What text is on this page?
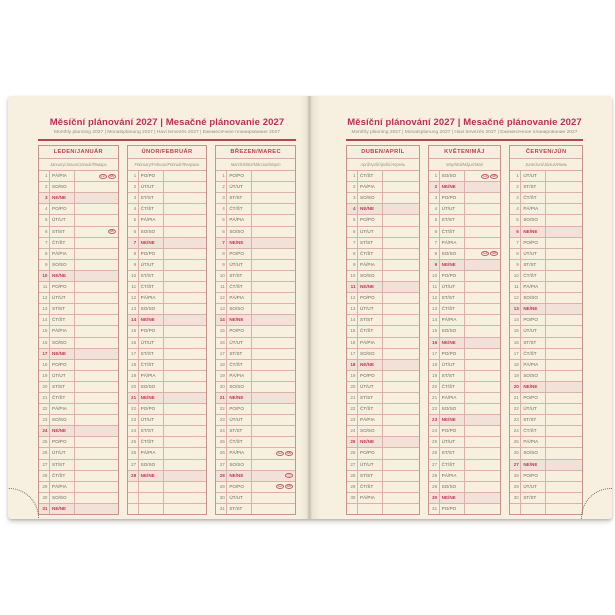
Měsíční plánování 2027 | Mesačné plánovanie 2027
Monthly planning 2027 | Monatsplanung 2027 | Havi tervezés 2027 | Ежемесячное планирование 2027
LEDEN/JANUÁR
January/Januar/Január/Январь
1 PÁ/PIA	CZ	SK
2 SO/SO
3 NE/NE
4 PO/PO
5 ÚT/UT
6 ST/ST	SK
7 ČT/ŠT
8 PÁ/PIA
9 SO/SO
10 NE/NE
11 PO/PO
12 ÚT/UT
13 ST/ST
14 ČT/ŠT
15 PÁ/PIA
16 SO/SO
17 NE/NE
18 PO/PO
19 ÚT/UT
20 ST/ST
21 ČT/ŠT
22 PÁ/PIA
23 SO/SO
24 NE/NE
25 PO/PO
26 ÚT/UT
27 ST/ST
28 ČT/ŠT
29 PÁ/PIA
30 SO/SO
31 NE/NE
ÚNOR/FEBRUÁR
February/Februar/Február/Февраль
1 PO/PO
2 ÚT/UT
3 ST/ST
4 ČT/ŠT
5 PÁ/PIA
6 SO/SO
7 NE/NE
8 PO/PO
9 ÚT/UT
10 ST/ST
11 ČT/ŠT
12 PÁ/PIA
13 SO/SO
14 NE/NE
15 PO/PO
16 ÚT/UT
17 ST/ST
18 ČT/ŠT
19 PÁ/PIA
20 SO/SO
21 NE/NE
22 PO/PO
23 ÚT/UT
24 ST/ST
25 ČT/ŠT
26 PÁ/PIA
27 SO/SO
28 NE/NE
BŘEZEN/MAREC
March/März/Március/Март
1 PO/PO
2 ÚT/UT
3 ST/ST
4 ČT/ŠT
5 PÁ/PIA
6 SO/SO
7 NE/NE
8 PO/PO
9 ÚT/UT
10 ST/ST
11 ČT/ŠT
12 PÁ/PIA
13 SO/SO
14 NE/NE
15 PO/PO
16 ÚT/UT
17 ST/ST
18 ČT/ŠT
19 PÁ/PIA
20 SO/SO
21 NE/NE
22 PO/PO
23 ÚT/UT
24 ST/ST
25 ČT/ŠT
26 PÁ/PIA	CZ	SK
27 SO/SO
28 NE/NE	◷
29 PO/PO	CZ	SK
30 ÚT/UT
31 ST/ST
Měsíční plánování 2027 | Mesačné plánovanie 2027
Monthly planning 2027 | Monatsplanung 2027 | Havi tervezés 2027 | Ежемесячное планирование 2027
DUBEN/APRÍL
April/April/Április/Апрель
1 ČT/ŠT
2 PÁ/PIA
3 SO/SO
4 NE/NE
5 PO/PO
6 ÚT/UT
7 ST/ST
8 ČT/ŠT
9 PÁ/PIA
10 SO/SO
11 NE/NE
12 PO/PO
13 ÚT/UT
14 ST/ST
15 ČT/ŠT
16 PÁ/PIA
17 SO/SO
18 NE/NE
19 PO/PO
20 ÚT/UT
21 ST/ST
22 ČT/ŠT
23 PÁ/PIA
24 SO/SO
25 NE/NE
26 PO/PO
27 ÚT/UT
28 ST/ST
29 ČT/ŠT
30 PÁ/PIA
KVĚTEN/MÁJ
May/Mai/Május/Май
1 SO/SO	CZ	SK
2 NE/NE
3 PO/PO
4 ÚT/UT
5 ST/ST
6 ČT/ŠT
7 PÁ/PIA
8 SO/SO	CZ	SK
9 NE/NE
10 PO/PO
11 ÚT/UT
12 ST/ST
13 ČT/ŠT
14 PÁ/PIA
15 SO/SO
16 NE/NE
17 PO/PO
18 ÚT/UT
19 ST/ST
20 ČT/ŠT
21 PÁ/PIA
22 SO/SO
23 NE/NE
24 PO/PO
25 ÚT/UT
26 ST/ST
27 ČT/ŠT
28 PÁ/PIA
29 SO/SO
30 NE/NE
31 PO/PO
ČERVEN/JÚN
June/Juni/Június/Июнь
1 ÚT/UT
2 ST/ST
3 ČT/ŠT
4 PÁ/PIA
5 SO/SO
6 NE/NE
7 PO/PO
8 ÚT/UT
9 ST/ST
10 ČT/ŠT
11 PÁ/PIA
12 SO/SO
13 NE/NE
14 PO/PO
15 ÚT/UT
16 ST/ST
17 ČT/ŠT
18 PÁ/PIA
19 SO/SO
20 NE/NE
21 PO/PO
22 ÚT/UT
23 ST/ST
24 ČT/ŠT
25 PÁ/PIA
26 SO/SO
27 NE/NE
28 PO/PO
29 ÚT/UT
30 ST/ST
